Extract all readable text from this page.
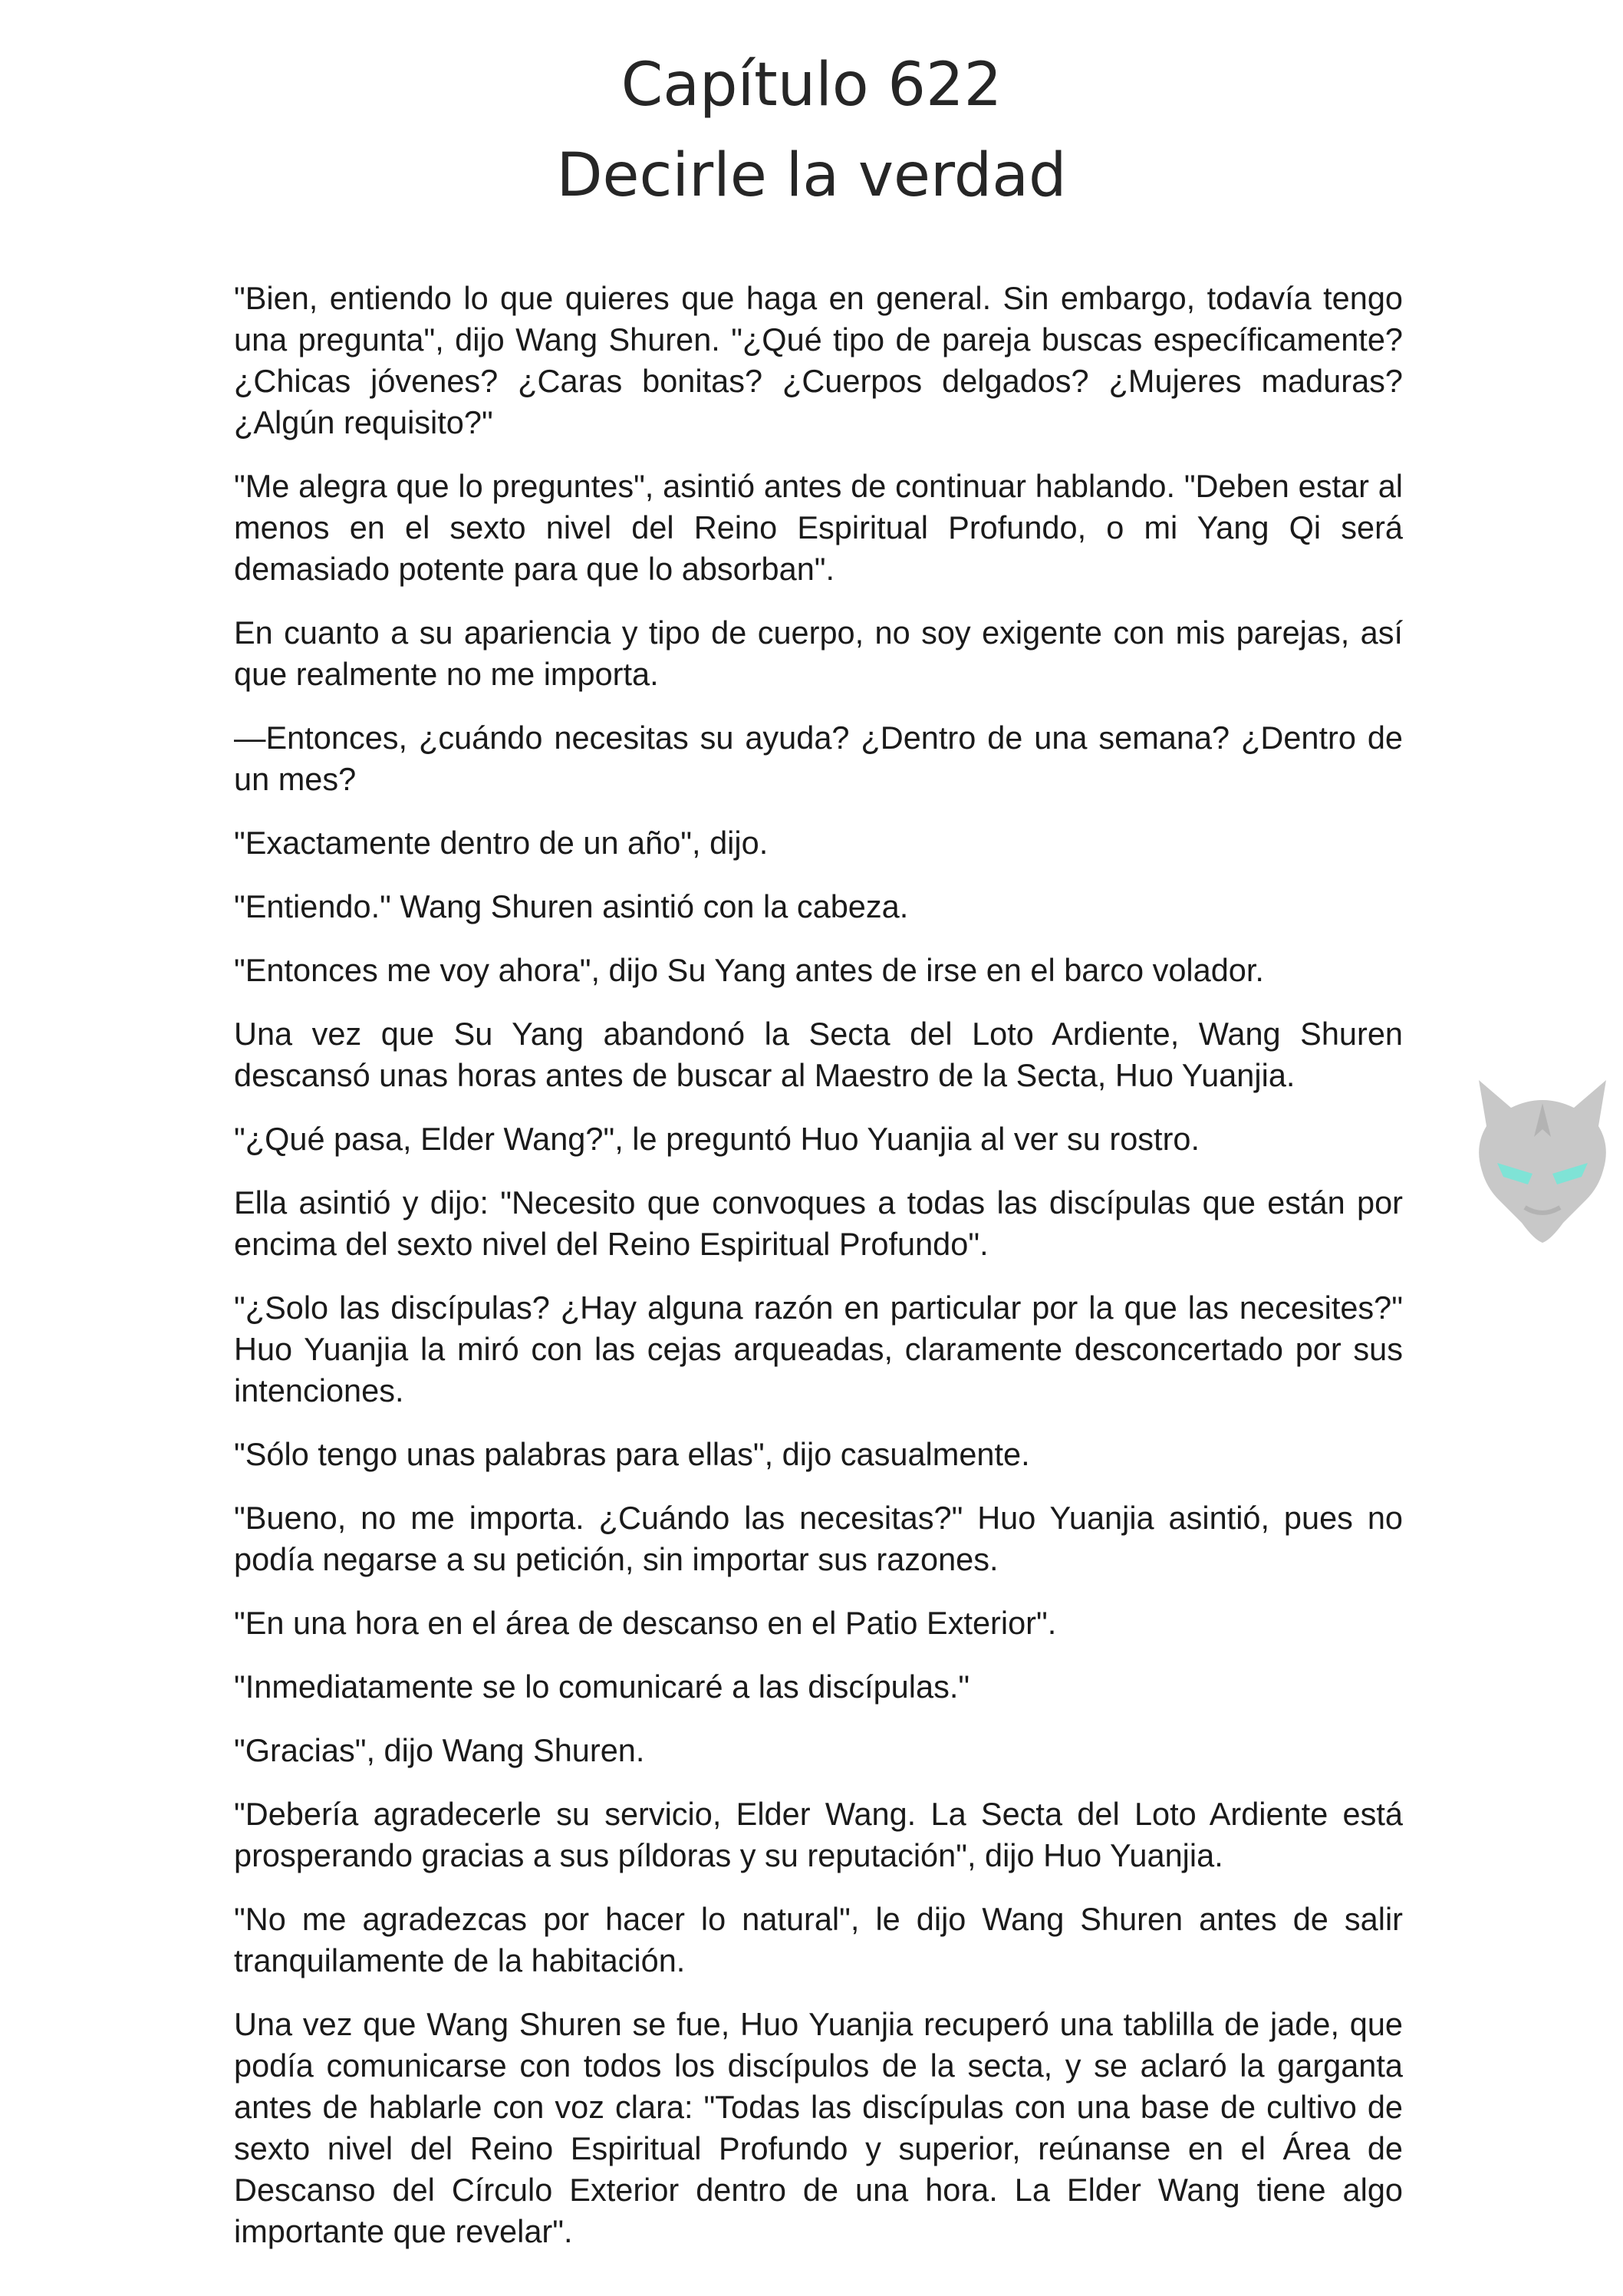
Capítulo 622
Decirle la verdad

"Bien, entiendo lo que quieres que haga en general. Sin embargo, todavía tengo una pregunta", dijo Wang Shuren. "¿Qué tipo de pareja buscas específicamente? ¿Chicas jóvenes? ¿Caras bonitas? ¿Cuerpos delgados? ¿Mujeres maduras? ¿Algún requisito?"

"Me alegra que lo preguntes", asintió antes de continuar hablando. "Deben estar al menos en el sexto nivel del Reino Espiritual Profundo, o mi Yang Qi será demasiado potente para que lo absorban".

En cuanto a su apariencia y tipo de cuerpo, no soy exigente con mis parejas, así que realmente no me importa.

—Entonces, ¿cuándo necesitas su ayuda? ¿Dentro de una semana? ¿Dentro de un mes?

"Exactamente dentro de un año", dijo.

"Entiendo." Wang Shuren asintió con la cabeza.

"Entonces me voy ahora", dijo Su Yang antes de irse en el barco volador.

Una vez que Su Yang abandonó la Secta del Loto Ardiente, Wang Shuren descansó unas horas antes de buscar al Maestro de la Secta, Huo Yuanjia.

"¿Qué pasa, Elder Wang?", le preguntó Huo Yuanjia al ver su rostro.

Ella asintió y dijo: "Necesito que convoques a todas las discípulas que están por encima del sexto nivel del Reino Espiritual Profundo".

"¿Solo las discípulas? ¿Hay alguna razón en particular por la que las necesites?" Huo Yuanjia la miró con las cejas arqueadas, claramente desconcertado por sus intenciones.

"Sólo tengo unas palabras para ellas", dijo casualmente.

"Bueno, no me importa. ¿Cuándo las necesitas?" Huo Yuanjia asintió, pues no podía negarse a su petición, sin importar sus razones.

"En una hora en el área de descanso en el Patio Exterior".

"Inmediatamente se lo comunicaré a las discípulas."

"Gracias", dijo Wang Shuren.

"Debería agradecerle su servicio, Elder Wang. La Secta del Loto Ardiente está prosperando gracias a sus píldoras y su reputación", dijo Huo Yuanjia.

"No me agradezcas por hacer lo natural", le dijo Wang Shuren antes de salir tranquilamente de la habitación.

Una vez que Wang Shuren se fue, Huo Yuanjia recuperó una tablilla de jade, que podía comunicarse con todos los discípulos de la secta, y se aclaró la garganta antes de hablarle con voz clara: "Todas las discípulas con una base de cultivo de sexto nivel del Reino Espiritual Profundo y superior, reúnanse en el Área de Descanso del Círculo Exterior dentro de una hora. La Elder Wang tiene algo importante que revelar".
